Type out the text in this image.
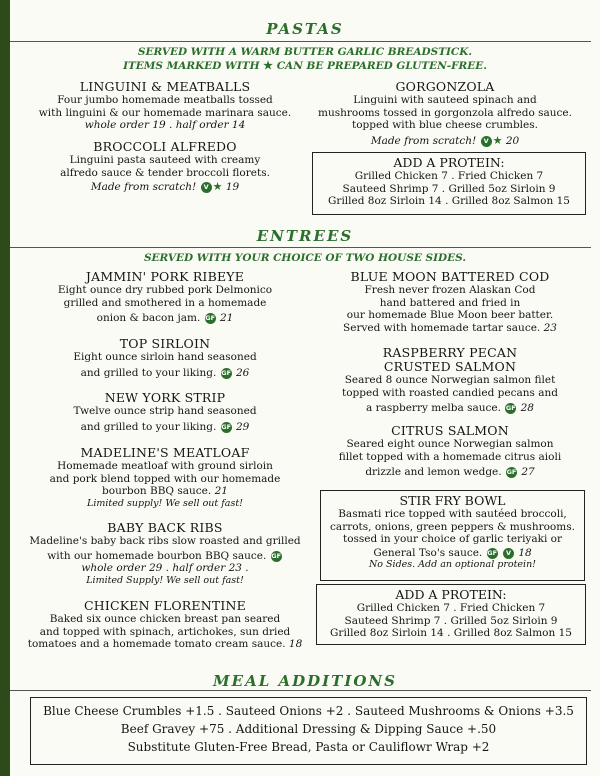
PASTAS
SERVED WITH A WARM BUTTER GARLIC BREADSTICK.
ITEMS MARKED WITH ★ CAN BE PREPARED GLUTEN-FREE.
LINGUINI & MEATBALLS
Four jumbo homemade meatballs tossed
with linguini & our homemade marinara sauce.
whole order 19 . half order 14
BROCCOLI ALFREDO
Linguini pasta sauteed with creamy
alfredo sauce & tender broccoli florets.
Made from scratch! V ★ 19
GORGONZOLA
Linguini with sauteed spinach and
mushrooms tossed in gorgonzola alfredo sauce.
topped with blue cheese crumbles.
Made from scratch! V ★ 20
ADD A PROTEIN:
Grilled Chicken 7 . Fried Chicken 7
Sauteed Shrimp 7 . Grilled 5oz Sirloin 9
Grilled 8oz Sirloin 14 . Grilled 8oz Salmon 15
ENTREES
SERVED WITH YOUR CHOICE OF TWO HOUSE SIDES.
JAMMIN' PORK RIBEYE
Eight ounce dry rubbed pork Delmonico
grilled and smothered in a homemade
onion & bacon jam. GF 21
TOP SIRLOIN
Eight ounce sirloin hand seasoned
and grilled to your liking. GF 26
NEW YORK STRIP
Twelve ounce strip hand seasoned
and grilled to your liking. GF 29
MADELINE'S MEATLOAF
Homemade meatloaf with ground sirloin
and pork blend topped with our homemade
bourbon BBQ sauce. 21
Limited supply! We sell out fast!
BABY BACK RIBS
Madeline's baby back ribs slow roasted and grilled
with our homemade bourbon BBQ sauce. GF
whole order 29 . half order 23 .
Limited Supply! We sell out fast!
CHICKEN FLORENTINE
Baked six ounce chicken breast pan seared
and topped with spinach, artichokes, sun dried
tomatoes and a homemade tomato cream sauce. 18
BLUE MOON BATTERED COD
Fresh never frozen Alaskan Cod
hand battered and fried in
our homemade Blue Moon beer batter.
Served with homemade tartar sauce. 23
RASPBERRY PECAN
CRUSTED SALMON
Seared 8 ounce Norwegian salmon filet
topped with roasted candied pecans and
a raspberry melba sauce. GF 28
CITRUS SALMON
Seared eight ounce Norwegian salmon
fillet topped with a homemade citrus aioli
drizzle and lemon wedge. GF 27
STIR FRY BOWL
Basmati rice topped with sautéed broccoli,
carrots, onions, green peppers & mushrooms.
tossed in your choice of garlic teriyaki or
General Tso's sauce. GF V 18
No Sides. Add an optional protein!
ADD A PROTEIN:
Grilled Chicken 7 . Fried Chicken 7
Sauteed Shrimp 7 . Grilled 5oz Sirloin 9
Grilled 8oz Sirloin 14 . Grilled 8oz Salmon 15
MEAL ADDITIONS
Blue Cheese Crumbles +1.5 . Sauteed Onions +2 . Sauteed Mushrooms & Onions +3.5
Beef Gravey +75 . Additional Dressing & Dipping Sauce +.50
Substitute Gluten-Free Bread, Pasta or Cauliflowr Wrap +2
